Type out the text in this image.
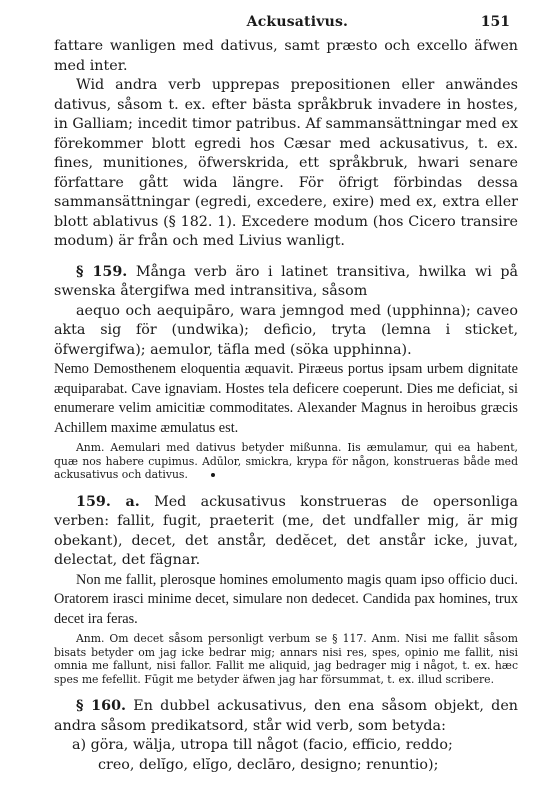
Ackusativus.	151

fattare wanligen med dativus, samt præsto och excello äfwen med inter.

Wid andra verb upprepas prepositionen eller anwändes dativus, såsom t. ex. efter bästa språkbruk invadere in hostes, in Galliam; incedit timor patribus. Af sammansättningar med ex förekommer blott egredi hos Cæsar med ackusativus, t. ex. fines, munitiones, öfwerskrida, ett språkbruk, hwari senare författare gått wida längre. För öfrigt förbindas dessa sammansättningar (egredi, excedere, exire) med ex, extra eller blott ablativus (§ 182. 1). Excedere modum (hos Cicero transire modum) är från och med Livius wanligt.

§ 159. Många verb äro i latinet transitiva, hwilka wi på swenska återgifwa med intransitiva, såsom

aequo och aequipāro, wara jemngod med (upphinna); caveo akta sig för (undwika); deficio, tryta (lemna i sticket, öfwergifwa); aemulor, täfla med (söka upphinna).

Nemo Demosthenem eloquentia æquavit. Piræeus portus ipsam urbem dignitate æquiparabat. Cave ignaviam. Hostes tela deficere coeperunt. Dies me deficiat, si enumerare velim amicitiæ commoditates. Alexander Magnus in heroibus græcis Achillem maxime æmulatus est.

Anm. Aemulari med dativus betyder mißunna. Iis æmulamur, qui ea habent, quæ nos habere cupimus. Adūlor, smickra, krypa för någon, konstrueras både med ackusativus och dativus.

159. a. Med ackusativus konstrueras de opersonliga verben: fallit, fugit, praeterit (me, det undfaller mig, är mig obekant), decet, det anstår, dedĕcet, det anstår icke, juvat, delectat, det fägnar.

Non me fallit, plerosque homines emolumento magis quam ipso officio duci. Oratorem irasci minime decet, simulare non dedecet. Candida pax homines, trux decet ira feras.

Anm. Om decet såsom personligt verbum se § 117. Anm. Nisi me fallit såsom bisats betyder om jag icke bedrar mig; annars nisi res, spes, opinio me fallit, nisi omnia me fallunt, nisi fallor. Fallit me aliquid, jag bedrager mig i något, t. ex. hæc spes me fefellit. Fūgit me betyder äfwen jag har försummat, t. ex. illud scribere.

§ 160. En dubbel ackusativus, den ena såsom objekt, den andra såsom predikatsord, står wid verb, som betyda:

a) göra, wälja, utropa till något (facio, efficio, reddo;

creo, delĭgo, elĭgo, declāro, designo; renuntio);
